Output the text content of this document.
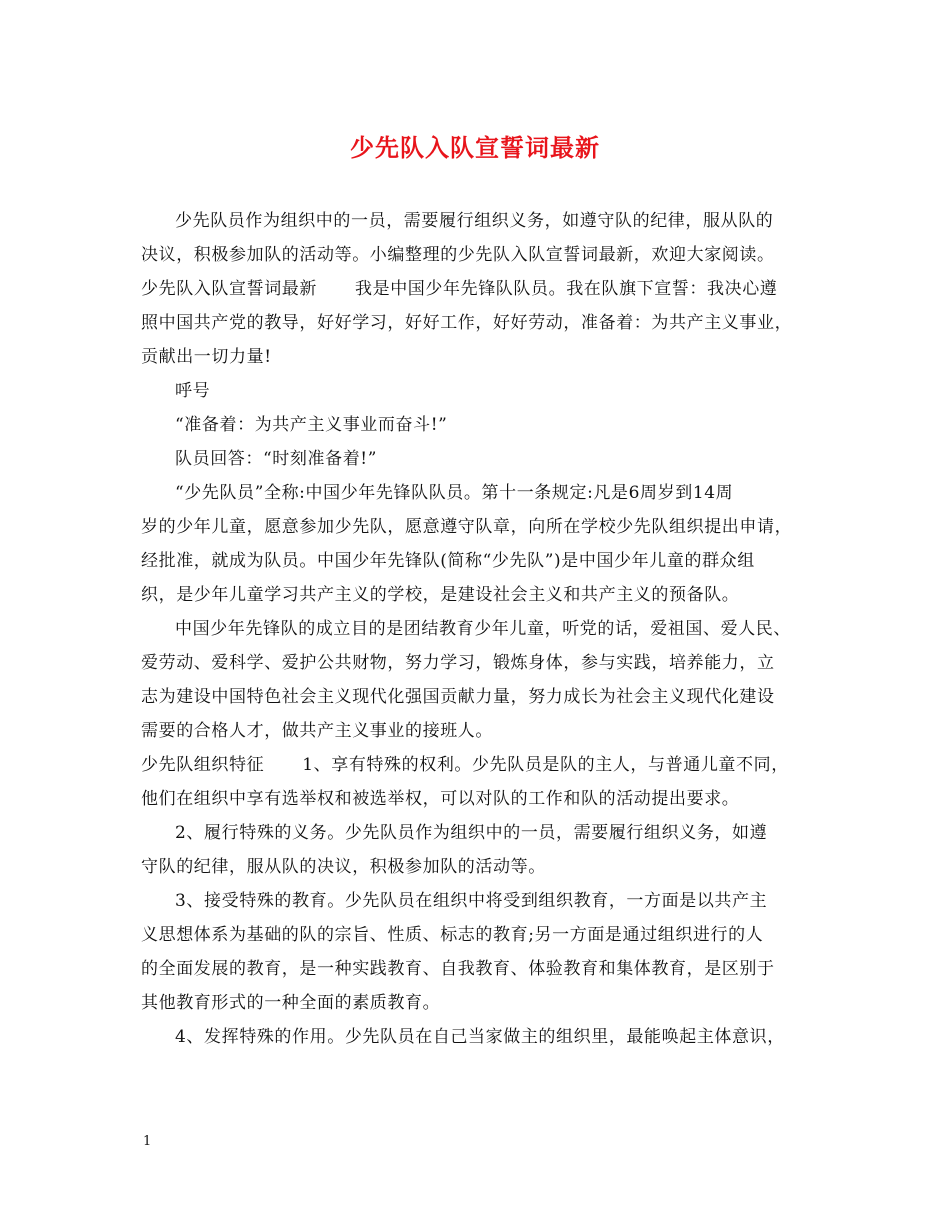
少先队入队宣誓词最新
少先队员作为组织中的一员，需要履行组织义务，如遵守队的纪律，服从队的
决议，积极参加队的活动等。小编整理的少先队入队宣誓词最新，欢迎大家阅读。
少先队入队宣誓词最新 我是中国少年先锋队队员。我在队旗下宣誓：我决心遵
照中国共产党的教导，好好学习，好好工作，好好劳动，准备着：为共产主义事业，
贡献出一切力量!
呼号
“准备着：为共产主义事业而奋斗!”
队员回答：“时刻准备着!”
“少先队员”全称:中国少年先锋队队员。第十一条规定:凡是6周岁到14周
岁的少年儿童，愿意参加少先队，愿意遵守队章，向所在学校少先队组织提出申请，
经批准，就成为队员。中国少年先锋队(简称“少先队”)是中国少年儿童的群众组
织，是少年儿童学习共产主义的学校，是建设社会主义和共产主义的预备队。
中国少年先锋队的成立目的是团结教育少年儿童，听党的话，爱祖国、爱人民、
爱劳动、爱科学、爱护公共财物，努力学习，锻炼身体，参与实践，培养能力，立
志为建设中国特色社会主义现代化强国贡献力量，努力成长为社会主义现代化建设
需要的合格人才，做共产主义事业的接班人。
少先队组织特征 1、享有特殊的权利。少先队员是队的主人，与普通儿童不同，
他们在组织中享有选举权和被选举权，可以对队的工作和队的活动提出要求。
2、履行特殊的义务。少先队员作为组织中的一员，需要履行组织义务，如遵
守队的纪律，服从队的决议，积极参加队的活动等。
3、接受特殊的教育。少先队员在组织中将受到组织教育，一方面是以共产主
义思想体系为基础的队的宗旨、性质、标志的教育;另一方面是通过组织进行的人
的全面发展的教育，是一种实践教育、自我教育、体验教育和集体教育，是区别于
其他教育形式的一种全面的素质教育。
4、发挥特殊的作用。少先队员在自己当家做主的组织里，最能唤起主体意识，
1
